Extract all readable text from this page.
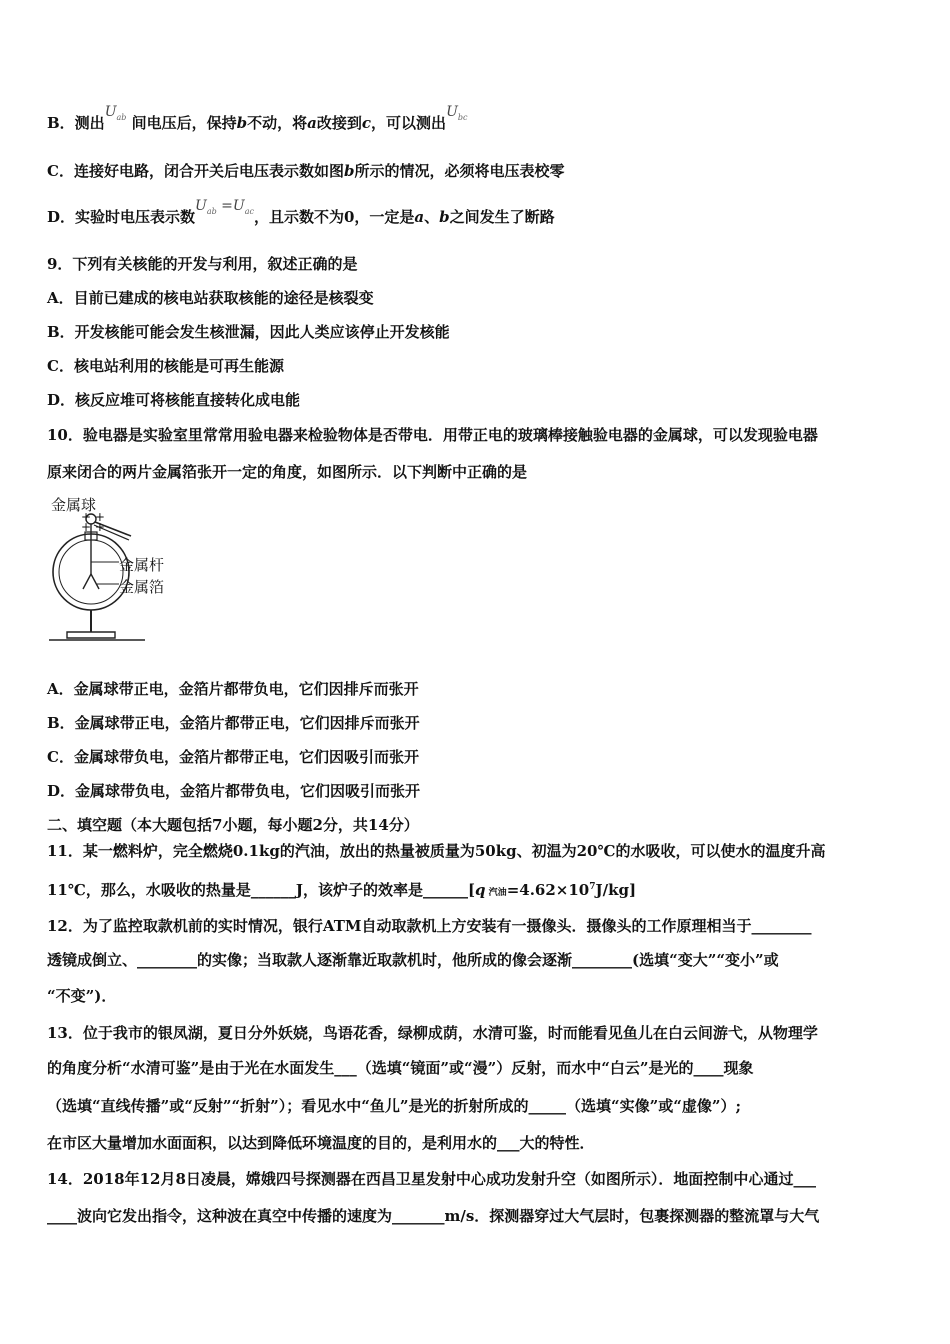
B．测出$U_{ab}$ 间电压后，保持b不动，将a改接到c，可以测出$U_{bc}$
C．连接好电路，闭合开关后电压表示数如图b所示的情况，必须将电压表校零
D．实验时电压表示数$U_{ab} =U_{ac}$，且示数不为0，一定是a、b之间发生了断路
9．下列有关核能的开发与利用，叙述正确的是
A．目前已建成的核电站获取核能的途径是核裂变
B．开发核能可能会发生核泄漏，因此人类应该停止开发核能
C．核电站利用的核能是可再生能源
D．核反应堆可将核能直接转化成电能
10．验电器是实验室里常常用验电器来检验物体是否带电．用带正电的玻璃棒接触验电器的金属球，可以发现验电器
原来闭合的两片金属箔张开一定的角度，如图所示．以下判断中正确的是
金属球
+ +
+ +
金属杆
金属箔
A．金属球带正电，金箔片都带负电，它们因排斥而张开
B．金属球带正电，金箔片都带正电，它们因排斥而张开
C．金属球带负电，金箔片都带正电，它们因吸引而张开
D．金属球带负电，金箔片都带负电，它们因吸引而张开
二、填空题（本大题包括7小题，每小题2分，共14分）
11．某一燃料炉，完全燃烧0.1kg的汽油，放出的热量被质量为50kg、初温为20℃的水吸收，可以使水的温度升高
11℃，那么，水吸收的热量是______J，该炉子的效率是______[q 汽油$=4.62\times 10^7J/kg$]
12．为了监控取款机前的实时情况，银行ATM自动取款机上方安装有一摄像头．摄像头的工作原理相当于________
透镜成倒立、________的实像；当取款人逐渐靠近取款机时，他所成的像会逐渐________(选填“变大”“变小”或
“不变”)．
13．位于我市的银凤湖，夏日分外妖娆，鸟语花香，绿柳成荫，水清可鉴，时而能看见鱼儿在白云间游弋，从物理学
的角度分析“水清可鉴”是由于光在水面发生___（选填“镜面”或“漫”）反射，而水中“白云”是光的____现象
（选填“直线传播”或“反射”“折射”）；看见水中“鱼儿”是光的折射所成的_____（选填“实像”或“虚像”）;
在市区大量增加水面面积，以达到降低环境温度的目的，是利用水的___大的特性．
14．2018年12月8日凌晨，嫦娥四号探测器在西昌卫星发射中心成功发射升空（如图所示）．地面控制中心通过___
____波向它发出指令，这种波在真空中传播的速度为_______m/s．探测器穿过大气层时，包裹探测器的整流罩与大气
